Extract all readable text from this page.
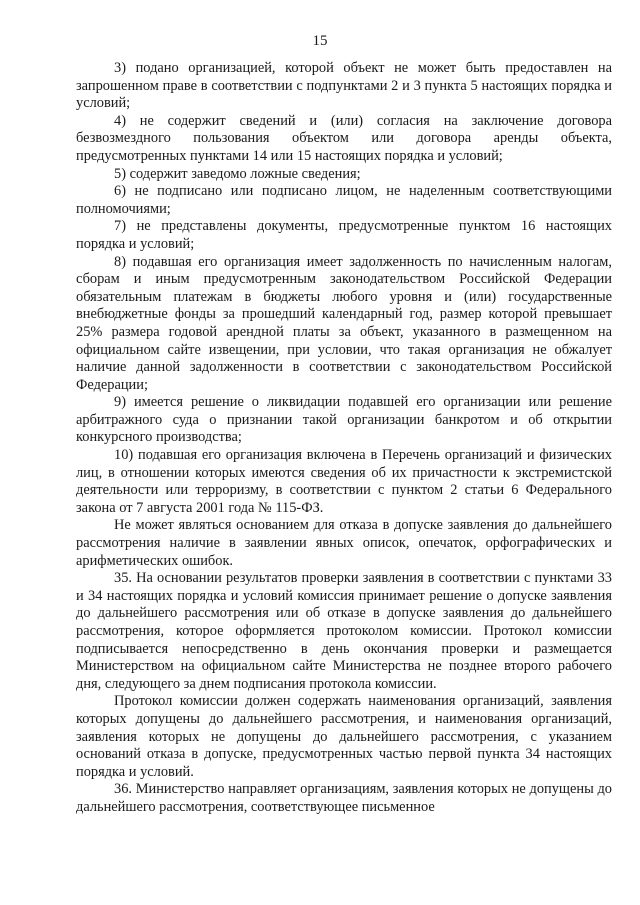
15

3) подано организацией, которой объект не может быть предоставлен на запрошенном праве в соответствии с подпунктами 2 и 3 пункта 5 настоящих порядка и условий;

4) не содержит сведений и (или) согласия на заключение договора безвозмездного пользования объектом или договора аренды объекта, предусмотренных пунктами 14 или 15 настоящих порядка и условий;

5) содержит заведомо ложные сведения;

6) не подписано или подписано лицом, не наделенным соответствующими полномочиями;

7) не представлены документы, предусмотренные пунктом 16 настоящих порядка и условий;

8) подавшая его организация имеет задолженность по начисленным налогам, сборам и иным предусмотренным законодательством Российской Федерации обязательным платежам в бюджеты любого уровня и (или) государственные внебюджетные фонды за прошедший календарный год, размер которой превышает 25% размера годовой арендной платы за объект, указанного в размещенном на официальном сайте извещении, при условии, что такая организация не обжалует наличие данной задолженности в соответствии с законодательством Российской Федерации;

9) имеется решение о ликвидации подавшей его организации или решение арбитражного суда о признании такой организации банкротом и об открытии конкурсного производства;

10) подавшая его организация включена в Перечень организаций и физических лиц, в отношении которых имеются сведения об их причастности к экстремистской деятельности или терроризму, в соответствии с пунктом 2 статьи 6 Федерального закона от 7 августа 2001 года № 115-ФЗ.

Не может являться основанием для отказа в допуске заявления до дальнейшего рассмотрения наличие в заявлении явных описок, опечаток, орфографических и арифметических ошибок.

35. На основании результатов проверки заявления в соответствии с пунктами 33 и 34 настоящих порядка и условий комиссия принимает решение о допуске заявления до дальнейшего рассмотрения или об отказе в допуске заявления до дальнейшего рассмотрения, которое оформляется протоколом комиссии. Протокол комиссии подписывается непосредственно в день окончания проверки и размещается Министерством на официальном сайте Министерства не позднее второго рабочего дня, следующего за днем подписания протокола комиссии.

Протокол комиссии должен содержать наименования организаций, заявления которых допущены до дальнейшего рассмотрения, и наименования организаций, заявления которых не допущены до дальнейшего рассмотрения, с указанием оснований отказа в допуске, предусмотренных частью первой пункта 34 настоящих порядка и условий.

36. Министерство направляет организациям, заявления которых не допущены до дальнейшего рассмотрения, соответствующее письменное
